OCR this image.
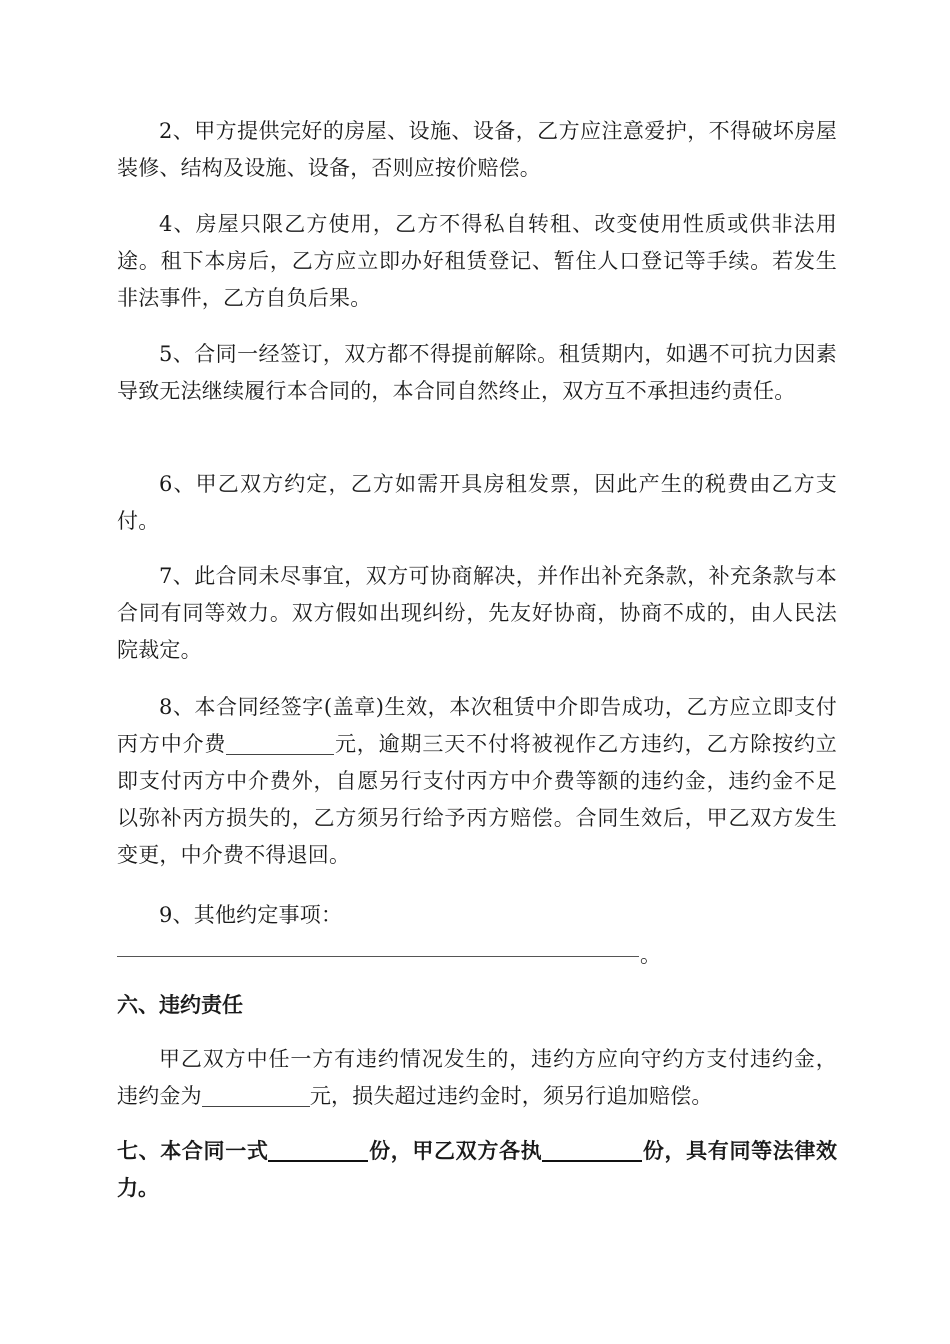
2、甲方提供完好的房屋、设施、设备，乙方应注意爱护，不得破坏房屋装修、结构及设施、设备，否则应按价赔偿。

4、房屋只限乙方使用，乙方不得私自转租、改变使用性质或供非法用途。租下本房后，乙方应立即办好租赁登记、暂住人口登记等手续。若发生非法事件，乙方自负后果。

5、合同一经签订，双方都不得提前解除。租赁期内，如遇不可抗力因素导致无法继续履行本合同的，本合同自然终止，双方互不承担违约责任。

6、甲乙双方约定，乙方如需开具房租发票，因此产生的税费由乙方支付。

7、此合同未尽事宜，双方可协商解决，并作出补充条款，补充条款与本合同有同等效力。双方假如出现纠纷，先友好协商，协商不成的，由人民法院裁定。

8、本合同经签字(盖章)生效，本次租赁中介即告成功，乙方应立即支付丙方中介费	元，逾期三天不付将被视作乙方违约，乙方除按约立即支付丙方中介费外，自愿另行支付丙方中介费等额的违约金，违约金不足以弥补丙方损失的，乙方须另行给予丙方赔偿。合同生效后，甲乙双方发生变更，中介费不得退回。

9、其他约定事项：

。
六、违约责任

甲乙双方中任一方有违约情况发生的，违约方应向守约方支付违约金，违约金为	元，损失超过违约金时，须另行追加赔偿。

七、本合同一式	份，甲乙双方各执	份，具有同等法律效力。
